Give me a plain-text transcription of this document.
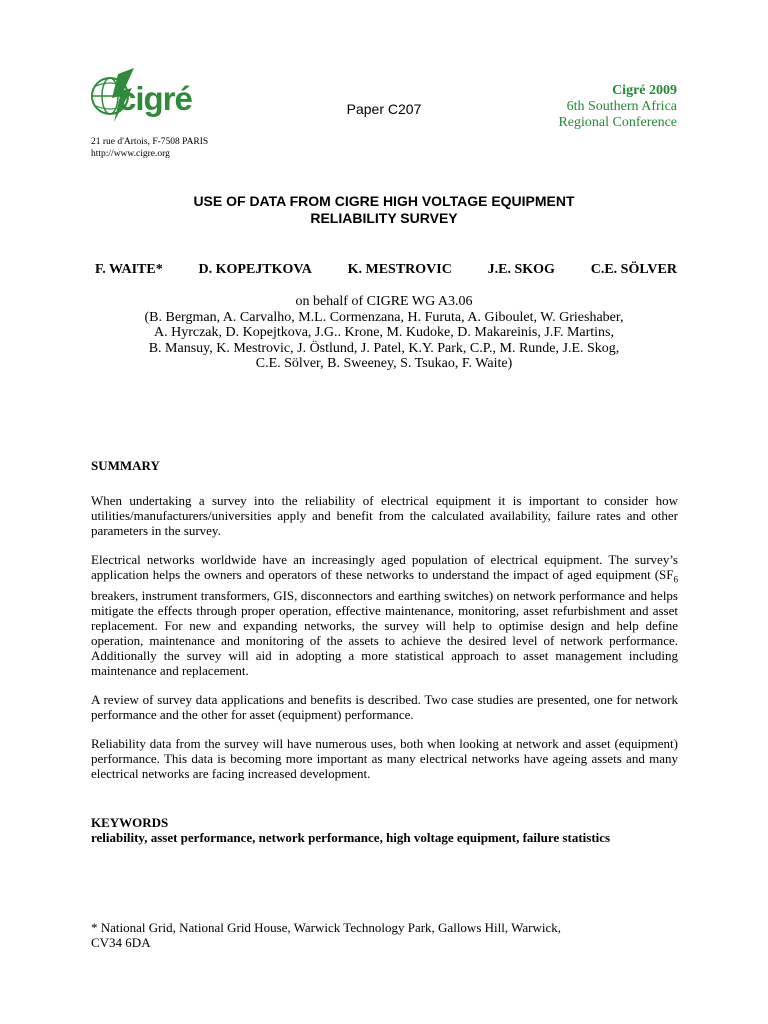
cigré
21 rue d'Artois, F-7508 PARIS
http://www.cigre.org
Paper C207
Cigré 2009
6th Southern Africa
Regional Conference
USE OF DATA FROM CIGRE HIGH VOLTAGE EQUIPMENT
RELIABILITY SURVEY
F. WAITE*	D. KOPEJTKOVA	K. MESTROVIC	J.E. SKOG	C.E. SÖLVER
on behalf of CIGRE WG A3.06
(B. Bergman, A. Carvalho, M.L. Cormenzana, H. Furuta, A. Giboulet, W. Grieshaber,
A. Hyrczak, D. Kopejtkova, J.G.. Krone, M. Kudoke, D. Makareinis, J.F. Martins,
B. Mansuy, K. Mestrovic, J. Östlund, J. Patel, K.Y. Park, C.P., M. Runde, J.E. Skog,
C.E. Sölver, B. Sweeney, S. Tsukao, F. Waite)
SUMMARY

When undertaking a survey into the reliability of electrical equipment it is important to consider how utilities/manufacturers/universities apply and benefit from the calculated availability, failure rates and other parameters in the survey.

Electrical networks worldwide have an increasingly aged population of electrical equipment. The survey’s application helps the owners and operators of these networks to understand the impact of aged equipment ($SF_6$ breakers, instrument transformers, GIS, disconnectors and earthing switches) on network performance and helps mitigate the effects through proper operation, effective maintenance, monitoring, asset refurbishment and asset replacement. For new and expanding networks, the survey will help to optimise design and help define operation, maintenance and monitoring of the assets to achieve the desired level of network performance. Additionally the survey will aid in adopting a more statistical approach to asset management including maintenance and replacement.

A review of survey data applications and benefits is described. Two case studies are presented, one for network performance and the other for asset (equipment) performance.

Reliability data from the survey will have numerous uses, both when looking at network and asset (equipment) performance. This data is becoming more important as many electrical networks have ageing assets and many electrical networks are facing increased development.

KEYWORDS

reliability, asset performance, network performance, high voltage equipment, failure statistics

* National Grid, National Grid House, Warwick Technology Park, Gallows Hill, Warwick,
CV34 6DA
